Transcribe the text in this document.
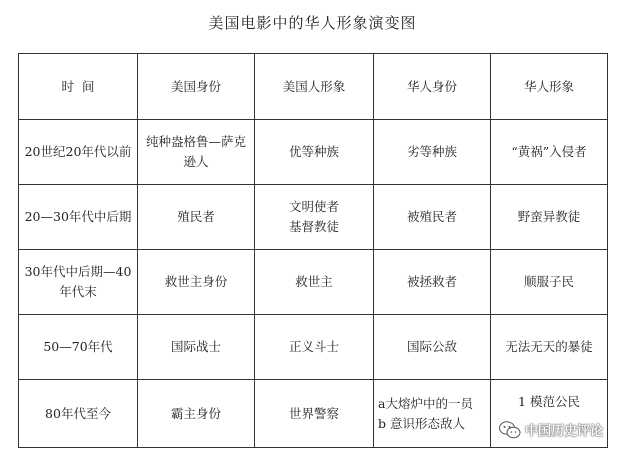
美国电影中的华人形象演变图
时  间	美国身份	美国人形象	华人身份	华人形象

20世纪20年代以前	纯种盎格鲁—萨克
逊人	优等种族	劣等种族	“黄祸”入侵者

20—30年代中后期	殖民者	文明使者
基督教徒	被殖民者	野蛮异教徒

30年代中后期—40
年代末	救世主身份	救世主	被拯救者	顺服子民

50—70年代	国际战士	正义斗士	国际公敌	无法无天的暴徒

80年代至今	霸主身份	世界警察	a大熔炉中的一员
b 意识形态敌人	1 模范公民

中国历史评论
